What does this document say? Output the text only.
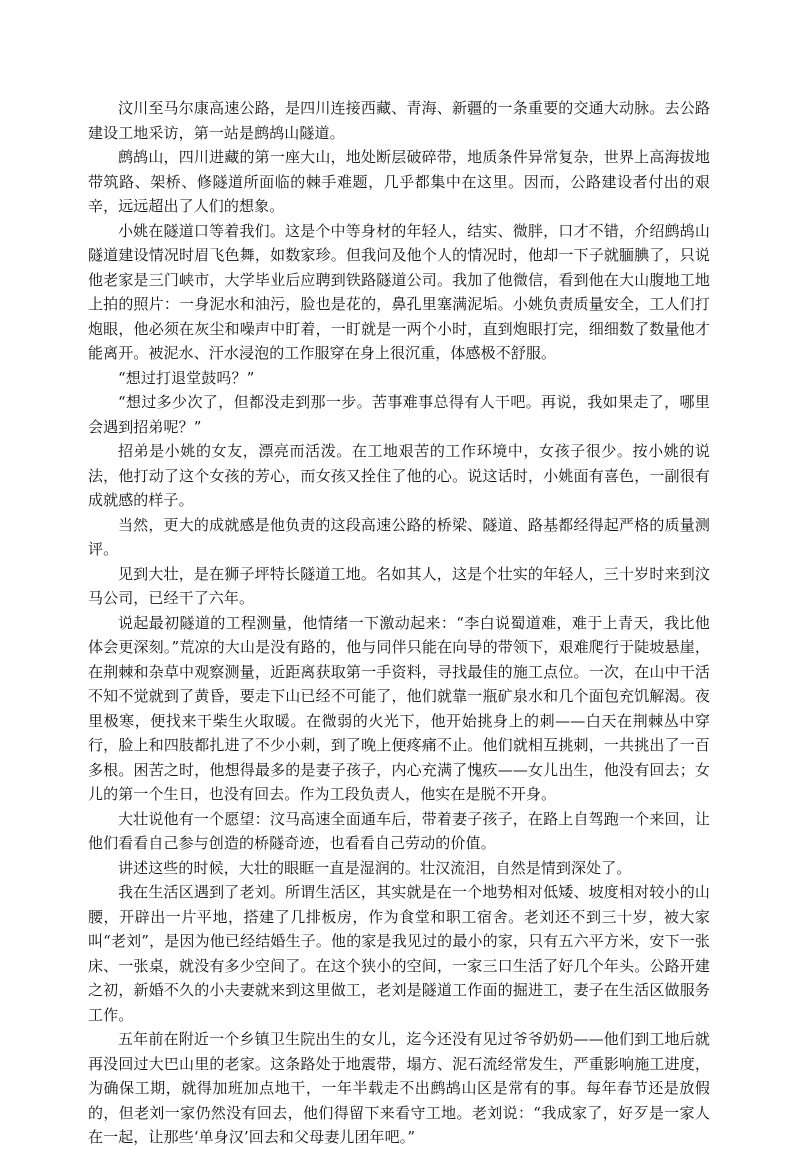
汶川至马尔康高速公路，是四川连接西藏、青海、新疆的一条重要的交通大动脉。去公路建设工地采访，第一站是鹧鸪山隧道。

鹧鸪山，四川进藏的第一座大山，地处断层破碎带，地质条件异常复杂，世界上高海拔地带筑路、架桥、修隧道所面临的棘手难题，几乎都集中在这里。因而，公路建设者付出的艰辛，远远超出了人们的想象。

小姚在隧道口等着我们。这是个中等身材的年轻人，结实、微胖，口才不错，介绍鹧鸪山隧道建设情况时眉飞色舞，如数家珍。但我问及他个人的情况时，他却一下子就腼腆了，只说他老家是三门峡市，大学毕业后应聘到铁路隧道公司。我加了他微信，看到他在大山腹地工地上拍的照片：一身泥水和油污，脸也是花的，鼻孔里塞满泥垢。小姚负责质量安全，工人们打炮眼，他必须在灰尘和噪声中盯着，一盯就是一两个小时，直到炮眼打完，细细数了数量他才能离开。被泥水、汗水浸泡的工作服穿在身上很沉重，体感极不舒服。

“想过打退堂鼓吗？”

“想过多少次了，但都没走到那一步。苦事难事总得有人干吧。再说，我如果走了，哪里会遇到招弟呢？”

招弟是小姚的女友，漂亮而活泼。在工地艰苦的工作环境中，女孩子很少。按小姚的说法，他打动了这个女孩的芳心，而女孩又拴住了他的心。说这话时，小姚面有喜色，一副很有成就感的样子。

当然，更大的成就感是他负责的这段高速公路的桥梁、隧道、路基都经得起严格的质量测评。

见到大壮，是在狮子坪特长隧道工地。名如其人，这是个壮实的年轻人，三十岁时来到汶马公司，已经干了六年。

说起最初隧道的工程测量，他情绪一下激动起来：“李白说蜀道难，难于上青天，我比他体会更深刻。”荒凉的大山是没有路的，他与同伴只能在向导的带领下，艰难爬行于陡坡悬崖，在荆棘和杂草中观察测量，近距离获取第一手资料，寻找最佳的施工点位。一次，在山中干活不知不觉就到了黄昏，要走下山已经不可能了，他们就靠一瓶矿泉水和几个面包充饥解渴。夜里极寒，便找来干柴生火取暖。在微弱的火光下，他开始挑身上的刺——白天在荆棘丛中穿行，脸上和四肢都扎进了不少小刺，到了晚上便疼痛不止。他们就相互挑刺，一共挑出了一百多根。困苦之时，他想得最多的是妻子孩子，内心充满了愧疚——女儿出生，他没有回去；女儿的第一个生日，也没有回去。作为工段负责人，他实在是脱不开身。

大壮说他有一个愿望：汶马高速全面通车后，带着妻子孩子，在路上自驾跑一个来回，让他们看看自己参与创造的桥隧奇迹，也看看自己劳动的价值。

讲述这些的时候，大壮的眼眶一直是湿润的。壮汉流泪，自然是情到深处了。

我在生活区遇到了老刘。所谓生活区，其实就是在一个地势相对低矮、坡度相对较小的山腰，开辟出一片平地，搭建了几排板房，作为食堂和职工宿舍。老刘还不到三十岁，被大家叫“老刘”，是因为他已经结婚生子。他的家是我见过的最小的家，只有五六平方米，安下一张床、一张桌，就没有多少空间了。在这个狭小的空间，一家三口生活了好几个年头。公路开建之初，新婚不久的小夫妻就来到这里做工，老刘是隧道工作面的掘进工，妻子在生活区做服务工作。

五年前在附近一个乡镇卫生院出生的女儿，迄今还没有见过爷爷奶奶——他们到工地后就再没回过大巴山里的老家。这条路处于地震带，塌方、泥石流经常发生，严重影响施工进度，为确保工期，就得加班加点地干，一年半载走不出鹧鸪山区是常有的事。每年春节还是放假的，但老刘一家仍然没有回去，他们得留下来看守工地。老刘说：“我成家了，好歹是一家人在一起，让那些‘单身汉’回去和父母妻儿团年吧。”
